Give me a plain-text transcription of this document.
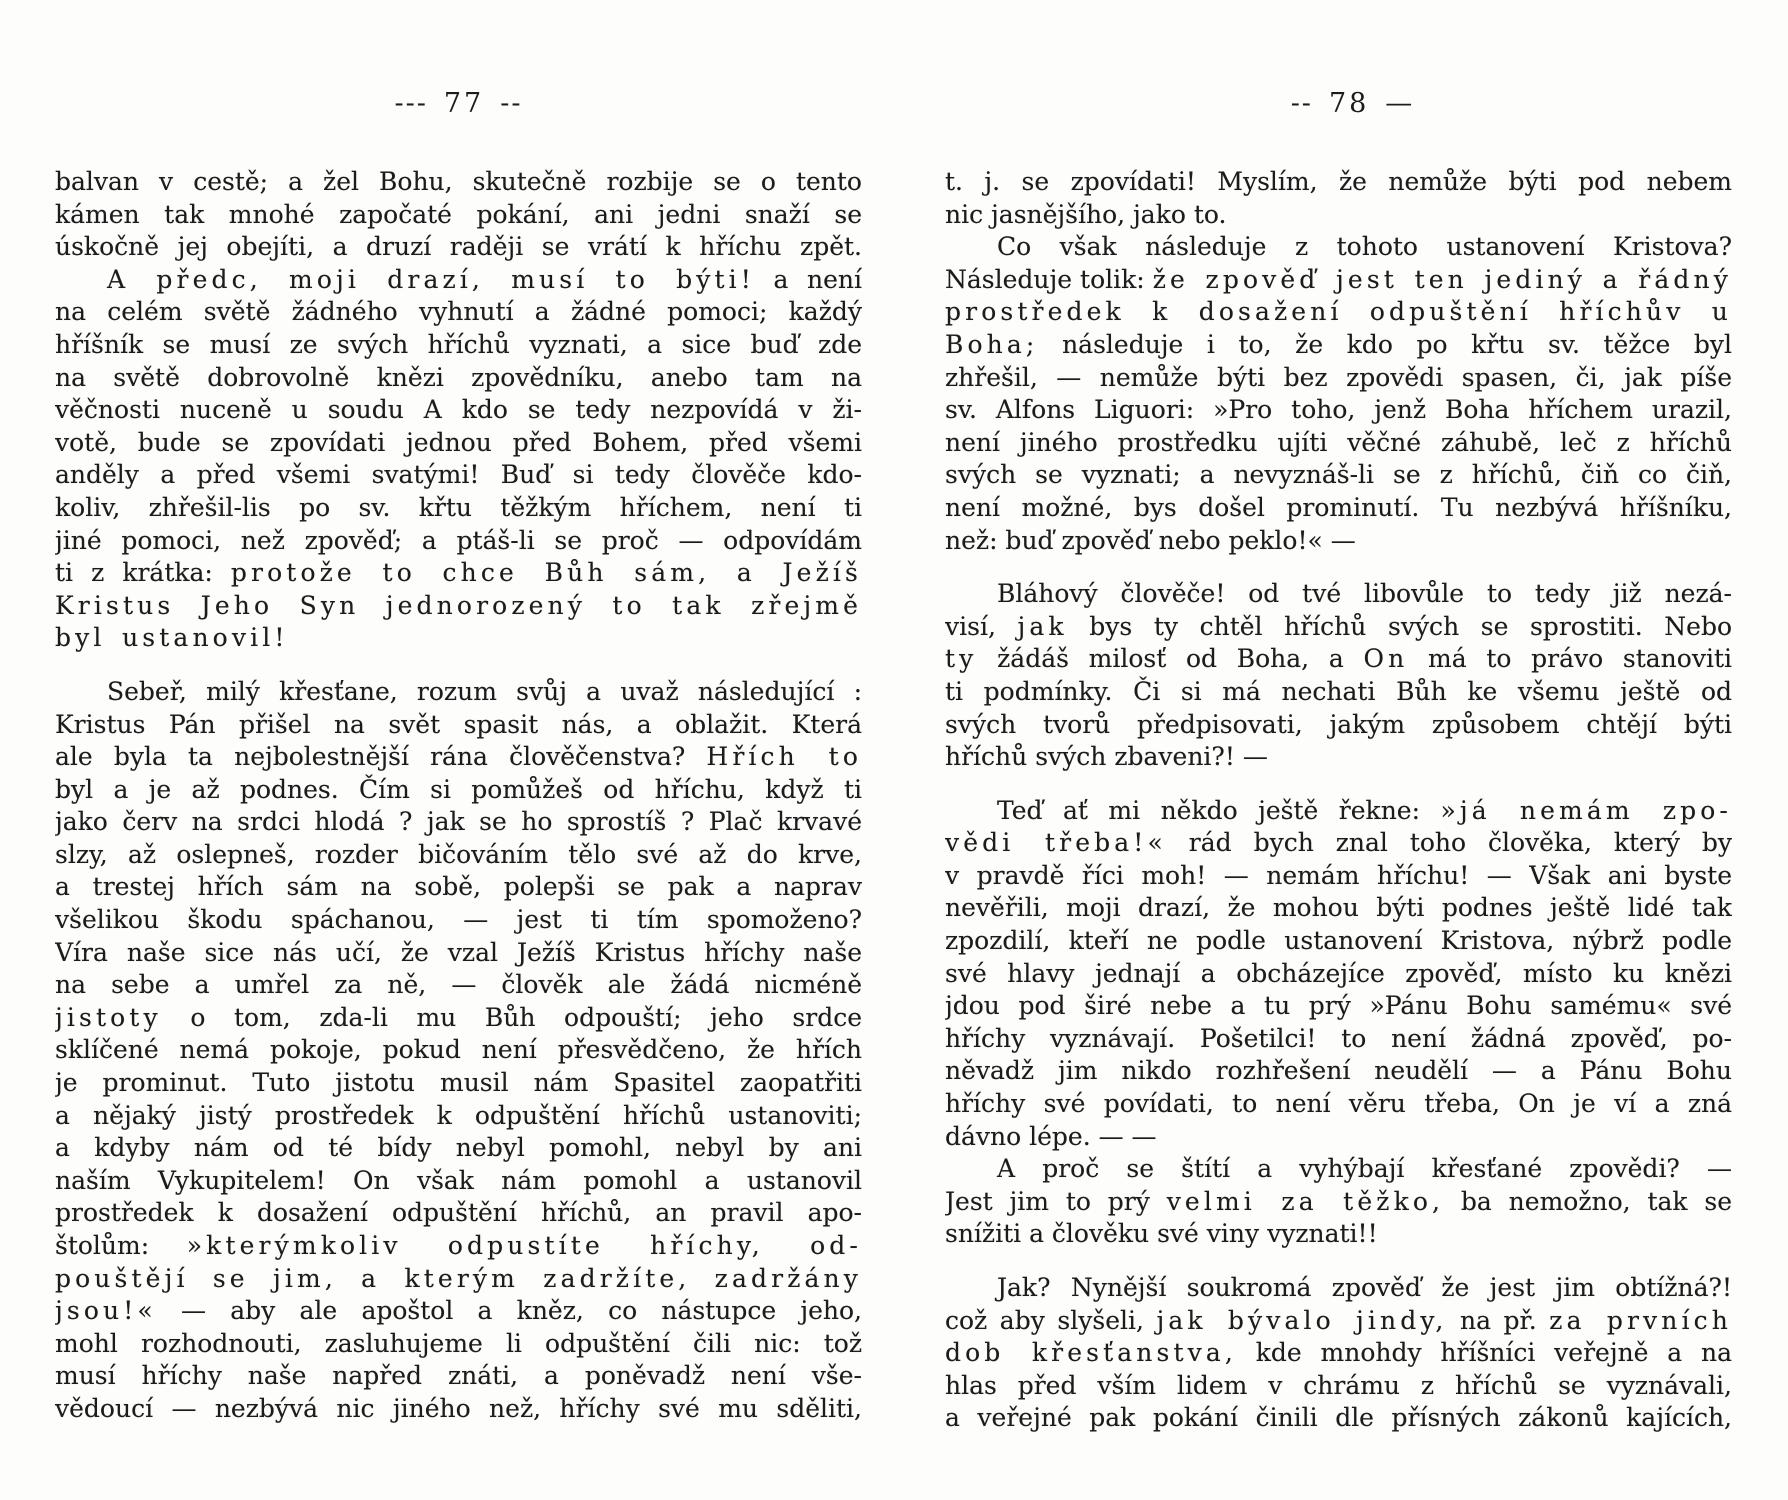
--- 77 --
balvan v cestě; a žel Bohu, skutečně rozbije se o tento
kámen tak mnohé započaté pokání, ani jedni snaží se
úskočně jej obejíti, a druzí raději se vrátí k hříchu zpět.
A předc, moji drazí, musí to býti! a není
na celém světě žádného vyhnutí a žádné pomoci; každý
hříšník se musí ze svých hříchů vyznati, a sice buď zde
na světě dobrovolně knězi zpovědníku, anebo tam na
věčnosti nuceně u soudu A kdo se tedy nezpovídá v ži-
votě, bude se zpovídati jednou před Bohem, před všemi
anděly a před všemi svatými! Buď si tedy člověče kdo-
koliv, zhřešil-lis po sv. křtu těžkým hříchem, není ti
jiné pomoci, než zpověď; a ptáš-li se proč — odpovídám
ti z krátka: protože to chce Bůh sám, a Ježíš
Kristus Jeho Syn jednorozený to tak zřejmě
byl ustanovil!
Sebeř, milý křesťane, rozum svůj a uvaž následující :
Kristus Pán přišel na svět spasit nás, a oblažit. Která
ale byla ta nejbolestnější rána člověčenstva? Hřích to
byl a je až podnes. Čím si pomůžeš od hříchu, když ti
jako červ na srdci hlodá ? jak se ho sprostíš ? Plač krvavé
slzy, až oslepneš, rozder bičováním tělo své až do krve,
a trestej hřích sám na sobě, polepši se pak a naprav
všelikou škodu spáchanou, — jest ti tím spomoženo?
Víra naše sice nás učí, že vzal Ježíš Kristus hříchy naše
na sebe a umřel za ně, — člověk ale žádá nicméně
jistoty o tom, zda-li mu Bůh odpouští; jeho srdce
sklíčené nemá pokoje, pokud není přesvědčeno, že hřích
je prominut. Tuto jistotu musil nám Spasitel zaopatřiti
a nějaký jistý prostředek k odpuštění hříchů ustanoviti;
a kdyby nám od té bídy nebyl pomohl, nebyl by ani
naším Vykupitelem! On však nám pomohl a ustanovil
prostředek k dosažení odpuštění hříchů, an pravil apo-
štolům: »kterýmkoliv odpustíte hříchy, od-
pouštějí se jim, a kterým zadržíte, zadržány
jsou!« — aby ale apoštol a kněz, co nástupce jeho,
mohl rozhodnouti, zasluhujeme li odpuštění čili nic: tož
musí hříchy naše napřed znáti, a poněvadž není vše-
vědoucí — nezbývá nic jiného než, hříchy své mu sděliti,
-- 78 —
t. j. se zpovídati! Myslím, že nemůže býti pod nebem
nic jasnějšího, jako to.
Co však následuje z tohoto ustanovení Kristova?
Následuje tolik: že zpověď jest ten jediný a řádný
prostředek k dosažení odpuštění hříchův u
Boha; následuje i to, že kdo po křtu sv. těžce byl
zhřešil, — nemůže býti bez zpovědi spasen, či, jak píše
sv. Alfons Liguori: »Pro toho, jenž Boha hříchem urazil,
není jiného prostředku ujíti věčné záhubě, leč z hříchů
svých se vyznati; a nevyznáš-li se z hříchů, čiň co čiň,
není možné, bys došel prominutí. Tu nezbývá hříšníku,
než: buď zpověď nebo peklo!« —
Bláhový člověče! od tvé libovůle to tedy již nezá-
visí, jak bys ty chtěl hříchů svých se sprostiti. Nebo
ty žádáš milosť od Boha, a On má to právo stanoviti
ti podmínky. Či si má nechati Bůh ke všemu ještě od
svých tvorů předpisovati, jakým způsobem chtějí býti
hříchů svých zbaveni?! —
Teď ať mi někdo ještě řekne: »já nemám zpo-
vědi třeba!« rád bych znal toho člověka, který by
v pravdě říci moh! — nemám hříchu! — Však ani byste
nevěřili, moji drazí, že mohou býti podnes ještě lidé tak
zpozdilí, kteří ne podle ustanovení Kristova, nýbrž podle
své hlavy jednají a obcházejíce zpověď, místo ku knězi
jdou pod širé nebe a tu prý »Pánu Bohu samému« své
hříchy vyznávají. Pošetilci! to není žádná zpověď, po-
něvadž jim nikdo rozhřešení neudělí — a Pánu Bohu
hříchy své povídati, to není věru třeba, On je ví a zná
dávno lépe. — —
A proč se štítí a vyhýbají křesťané zpovědi? —
Jest jim to prý velmi za těžko, ba nemožno, tak se
snížiti a člověku své viny vyznati!!
Jak? Nynější soukromá zpověď že jest jim obtížná?!
což aby slyšeli, jak bývalo jindy, na př. za prvních
dob křesťanstva, kde mnohdy hříšníci veřejně a na
hlas před vším lidem v chrámu z hříchů se vyznávali,
a veřejné pak pokání činili dle přísných zákonů kajících,
